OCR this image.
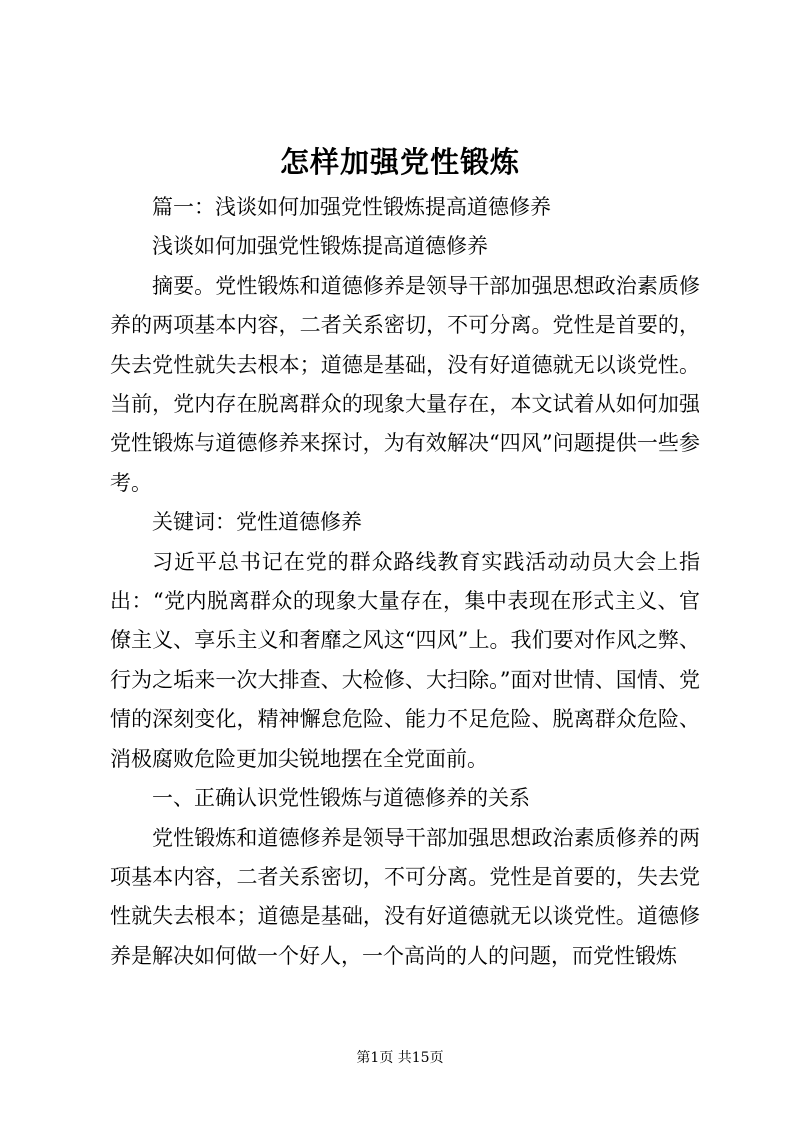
怎样加强党性锻炼

篇一：浅谈如何加强党性锻炼提高道德修养

浅谈如何加强党性锻炼提高道德修养

摘要。党性锻炼和道德修养是领导干部加强思想政治素质修养的两项基本内容，二者关系密切，不可分离。党性是首要的，失去党性就失去根本；道德是基础，没有好道德就无以谈党性。当前，党内存在脱离群众的现象大量存在，本文试着从如何加强党性锻炼与道德修养来探讨，为有效解决“四风”问题提供一些参考。

关键词：党性道德修养

习近平总书记在党的群众路线教育实践活动动员大会上指出：“党内脱离群众的现象大量存在，集中表现在形式主义、官僚主义、享乐主义和奢靡之风这“四风”上。我们要对作风之弊、行为之垢来一次大排查、大检修、大扫除。”面对世情、国情、党情的深刻变化，精神懈怠危险、能力不足危险、脱离群众危险、消极腐败危险更加尖锐地摆在全党面前。

一、正确认识党性锻炼与道德修养的关系

党性锻炼和道德修养是领导干部加强思想政治素质修养的两项基本内容，二者关系密切，不可分离。党性是首要的，失去党性就失去根本；道德是基础，没有好道德就无以谈党性。道德修养是解决如何做一个好人，一个高尚的人的问题，而党性锻炼

第1页 共15页
